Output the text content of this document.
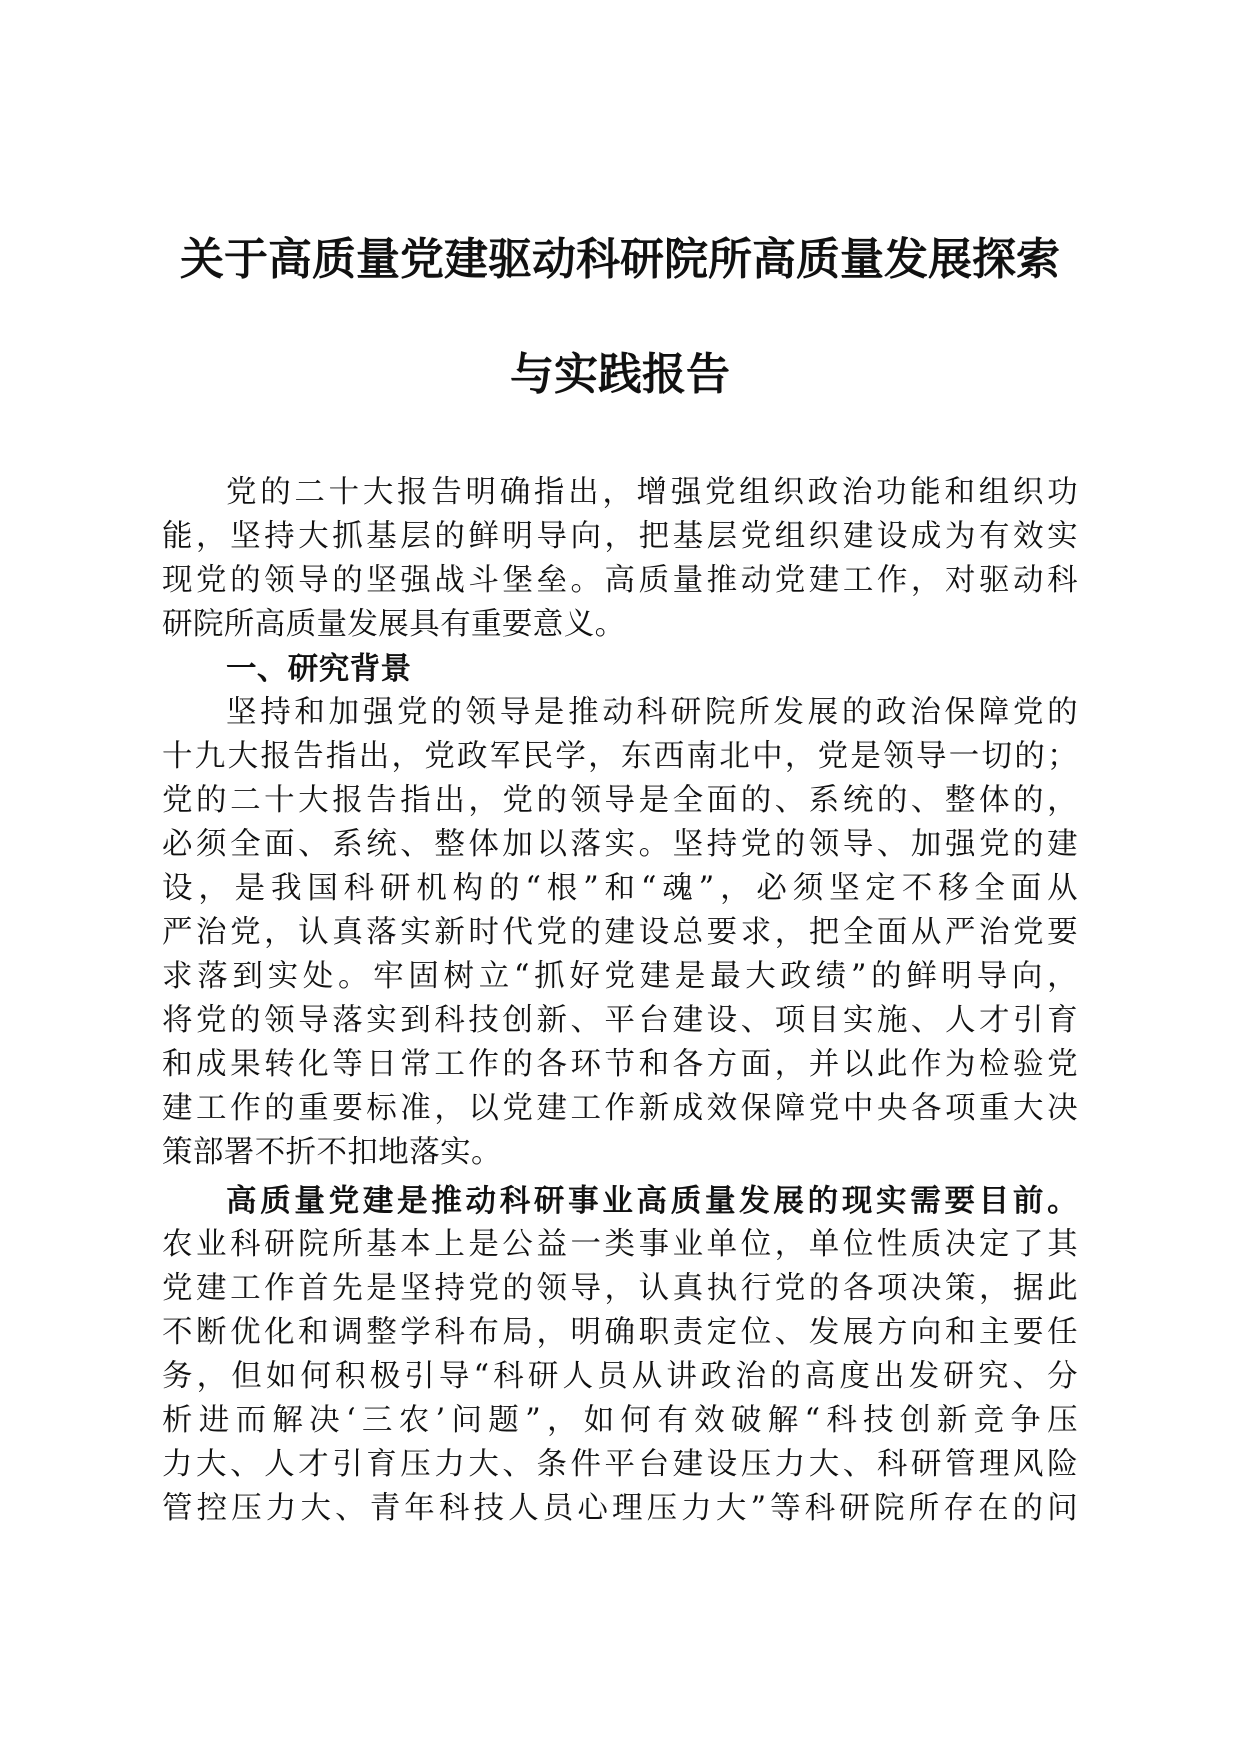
关于高质量党建驱动科研院所高质量发展探索
与实践报告
党的二十大报告明确指出，增强党组织政治功能和组织功
能，坚持大抓基层的鲜明导向，把基层党组织建设成为有效实
现党的领导的坚强战斗堡垒。高质量推动党建工作，对驱动科
研院所高质量发展具有重要意义。
一、研究背景
坚持和加强党的领导是推动科研院所发展的政治保障党的
十九大报告指出，党政军民学，东西南北中，党是领导一切的；
党的二十大报告指出，党的领导是全面的、系统的、整体的，
必须全面、系统、整体加以落实。坚持党的领导、加强党的建
设，是我国科研机构的“根”和“魂”，必须坚定不移全面从
严治党，认真落实新时代党的建设总要求，把全面从严治党要
求落到实处。牢固树立“抓好党建是最大政绩”的鲜明导向，
将党的领导落实到科技创新、平台建设、项目实施、人才引育
和成果转化等日常工作的各环节和各方面，并以此作为检验党
建工作的重要标准，以党建工作新成效保障党中央各项重大决
策部署不折不扣地落实。
高质量党建是推动科研事业高质量发展的现实需要目前。
农业科研院所基本上是公益一类事业单位，单位性质决定了其
党建工作首先是坚持党的领导，认真执行党的各项决策，据此
不断优化和调整学科布局，明确职责定位、发展方向和主要任
务，但如何积极引导“科研人员从讲政治的高度出发研究、分
析进而解决‘三农’问题”，如何有效破解“科技创新竞争压
力大、人才引育压力大、条件平台建设压力大、科研管理风险
管控压力大、青年科技人员心理压力大”等科研院所存在的问
